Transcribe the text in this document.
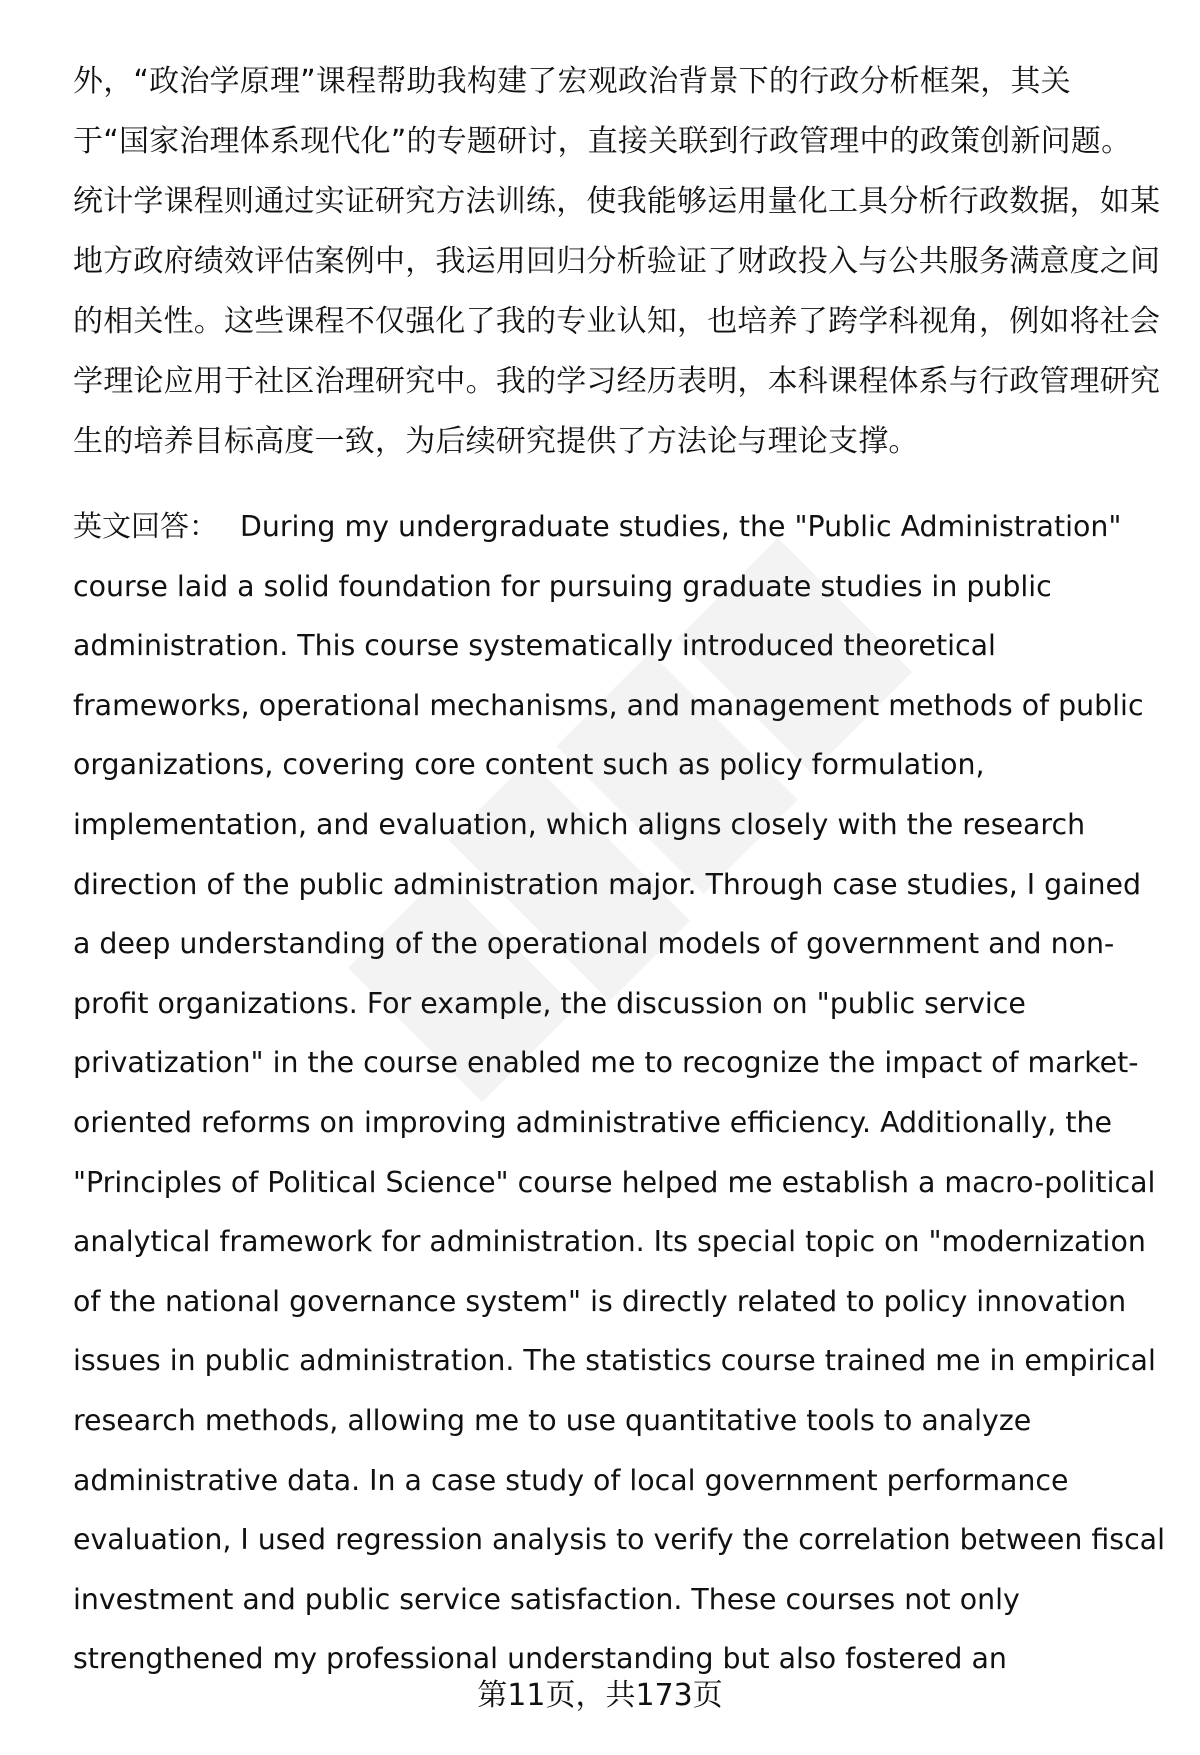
外，“政治学原理”课程帮助我构建了宏观政治背景下的行政分析框架，其关
于“国家治理体系现代化”的专题研讨，直接关联到行政管理中的政策创新问题。
统计学课程则通过实证研究方法训练，使我能够运用量化工具分析行政数据，如某
地方政府绩效评估案例中，我运用回归分析验证了财政投入与公共服务满意度之间
的相关性。这些课程不仅强化了我的专业认知，也培养了跨学科视角，例如将社会
学理论应用于社区治理研究中。我的学习经历表明，本科课程体系与行政管理研究
生的培养目标高度一致，为后续研究提供了方法论与理论支撑。
英文回答： During my undergraduate studies, the "Public Administration"
course laid a solid foundation for pursuing graduate studies in public
administration. This course systematically introduced theoretical
frameworks, operational mechanisms, and management methods of public
organizations, covering core content such as policy formulation,
implementation, and evaluation, which aligns closely with the research
direction of the public administration major. Through case studies, I gained
a deep understanding of the operational models of government and non-
profit organizations. For example, the discussion on "public service
privatization" in the course enabled me to recognize the impact of market-
oriented reforms on improving administrative efficiency. Additionally, the
"Principles of Political Science" course helped me establish a macro-political
analytical framework for administration. Its special topic on "modernization
of the national governance system" is directly related to policy innovation
issues in public administration. The statistics course trained me in empirical
research methods, allowing me to use quantitative tools to analyze
administrative data. In a case study of local government performance
evaluation, I used regression analysis to verify the correlation between fiscal
investment and public service satisfaction. These courses not only
strengthened my professional understanding but also fostered an
第11页，共173页
